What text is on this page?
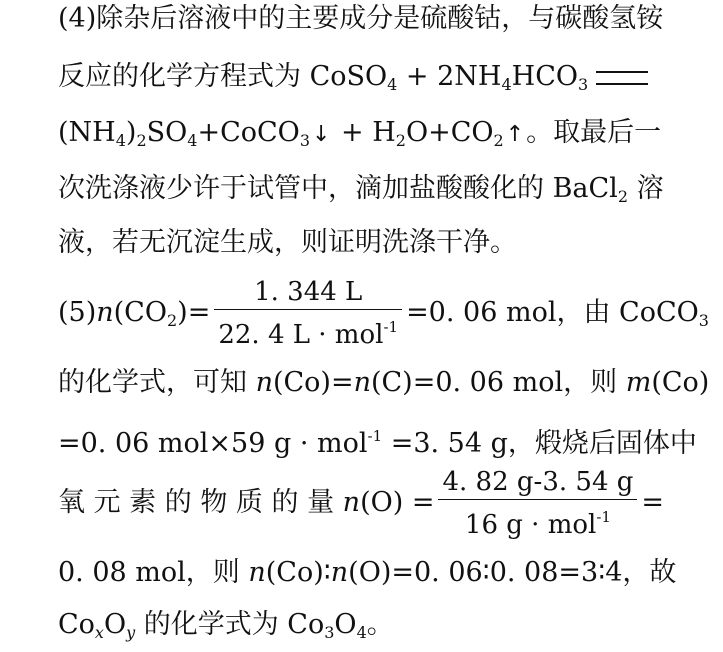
(4)除杂后溶液中的主要成分是硫酸钴，与碳酸氢铵
反应的化学方程式为 CoSO$_4$ + $2NH_4HCO_3$
$(NH_4)_2SO_4+CoCO_3↓$ + $H_2O+CO_2↑$。取最后一
次洗涤液少许于试管中，滴加盐酸酸化的 BaCl$_2$ 溶
液，若无沉淀生成，则证明洗涤干净。
$(5)n(CO_2)= \frac{1. 344 L}{22. 4 L \cdot mol^{-1}} =0$. 06 mol，由 CoCO$_3$
的化学式，可知 n(Co)=n(C)=0. 06 mol，则 m(Co)
=0. 06 mol×59 g · mol$^{-1}$ =3. 54 g，煅烧后固体中
氧 元 素 的 物 质 的 量 $n(O) = \frac{4. 82 g-3. 54 g}{16 g \cdot mol^{-1}}$ =
0. 08 mol，则 n(Co)∶n(O)=0. 06∶0. 08=3∶4，故
$Co_xO_y$ 的化学式为 $Co_3O_4$。
